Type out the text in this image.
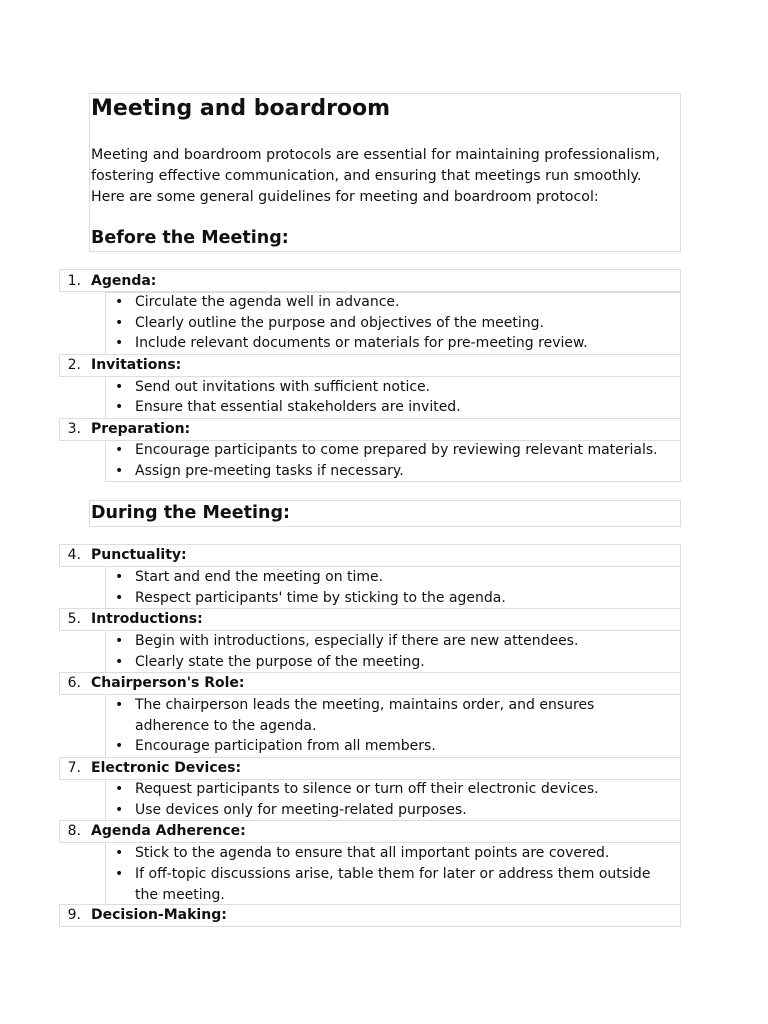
Meeting and boardroom

Meeting and boardroom protocols are essential for maintaining professionalism, fostering effective communication, and ensuring that meetings run smoothly. Here are some general guidelines for meeting and boardroom protocol:

Before the Meeting:
1. Agenda:
• Circulate the agenda well in advance.
• Clearly outline the purpose and objectives of the meeting.
• Include relevant documents or materials for pre-meeting review.
2. Invitations:
• Send out invitations with sufficient notice.
• Ensure that essential stakeholders are invited.
3. Preparation:
• Encourage participants to come prepared by reviewing relevant materials.
• Assign pre-meeting tasks if necessary.
During the Meeting:
4. Punctuality:
• Start and end the meeting on time.
• Respect participants' time by sticking to the agenda.
5. Introductions:
• Begin with introductions, especially if there are new attendees.
• Clearly state the purpose of the meeting.
6. Chairperson's Role:
• The chairperson leads the meeting, maintains order, and ensures adherence to the agenda.
• Encourage participation from all members.
7. Electronic Devices:
• Request participants to silence or turn off their electronic devices.
• Use devices only for meeting-related purposes.
8. Agenda Adherence:
• Stick to the agenda to ensure that all important points are covered.
• If off-topic discussions arise, table them for later or address them outside the meeting.
9. Decision-Making:
